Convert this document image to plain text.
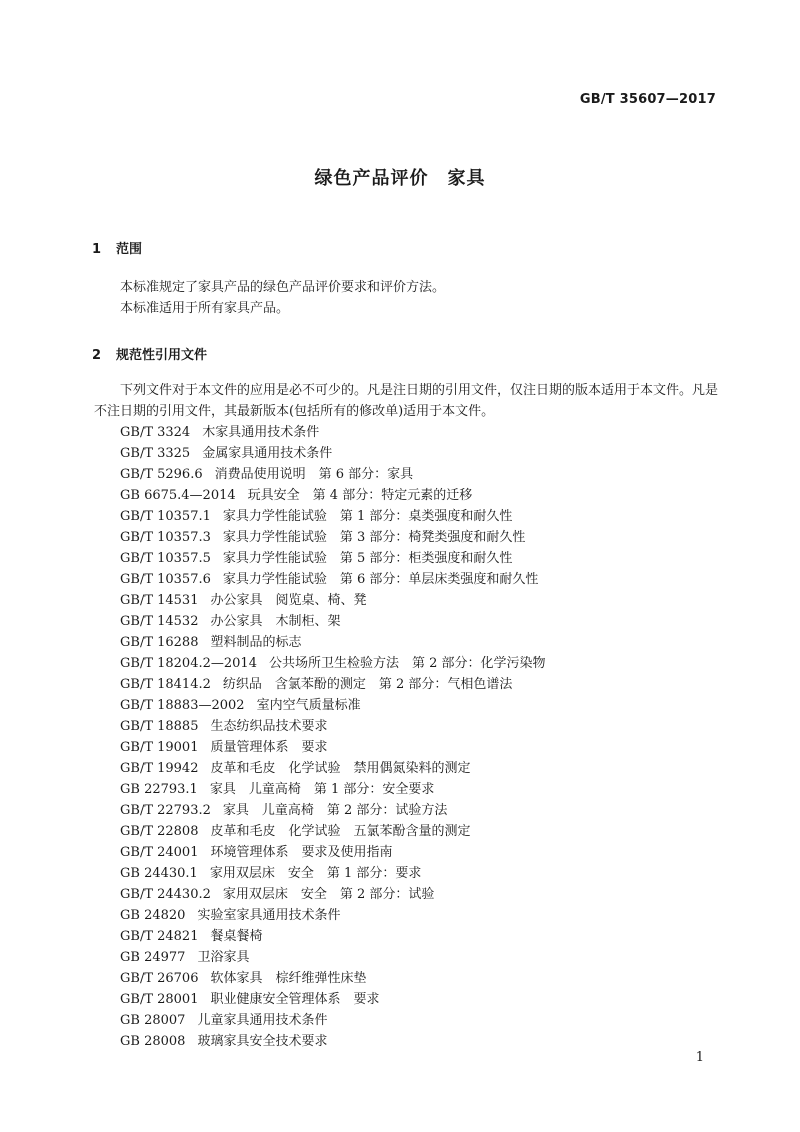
GB/T 35607—2017
绿色产品评价　家具
1 范围
本标准规定了家具产品的绿色产品评价要求和评价方法。
本标准适用于所有家具产品。
2 规范性引用文件
下列文件对于本文件的应用是必不可少的。凡是注日期的引用文件，仅注日期的版本适用于本文件。凡是不注日期的引用文件，其最新版本(包括所有的修改单)适用于本文件。
GB/T 3324 木家具通用技术条件
GB/T 3325 金属家具通用技术条件
GB/T 5296.6 消费品使用说明　第 6 部分：家具
GB 6675.4—2014 玩具安全　第 4 部分：特定元素的迁移
GB/T 10357.1 家具力学性能试验　第 1 部分：桌类强度和耐久性
GB/T 10357.3 家具力学性能试验　第 3 部分：椅凳类强度和耐久性
GB/T 10357.5 家具力学性能试验　第 5 部分：柜类强度和耐久性
GB/T 10357.6 家具力学性能试验　第 6 部分：单层床类强度和耐久性
GB/T 14531 办公家具　阅览桌、椅、凳
GB/T 14532 办公家具　木制柜、架
GB/T 16288 塑料制品的标志
GB/T 18204.2—2014 公共场所卫生检验方法　第 2 部分：化学污染物
GB/T 18414.2 纺织品　含氯苯酚的测定　第 2 部分：气相色谱法
GB/T 18883—2002 室内空气质量标准
GB/T 18885 生态纺织品技术要求
GB/T 19001 质量管理体系　要求
GB/T 19942 皮革和毛皮　化学试验　禁用偶氮染料的测定
GB 22793.1 家具　儿童高椅　第 1 部分：安全要求
GB/T 22793.2 家具　儿童高椅　第 2 部分：试验方法
GB/T 22808 皮革和毛皮　化学试验　五氯苯酚含量的测定
GB/T 24001 环境管理体系　要求及使用指南
GB 24430.1 家用双层床　安全　第 1 部分：要求
GB/T 24430.2 家用双层床　安全　第 2 部分：试验
GB 24820 实验室家具通用技术条件
GB/T 24821 餐桌餐椅
GB 24977 卫浴家具
GB/T 26706 软体家具　棕纤维弹性床垫
GB/T 28001 职业健康安全管理体系　要求
GB 28007 儿童家具通用技术条件
GB 28008 玻璃家具安全技术要求
1
